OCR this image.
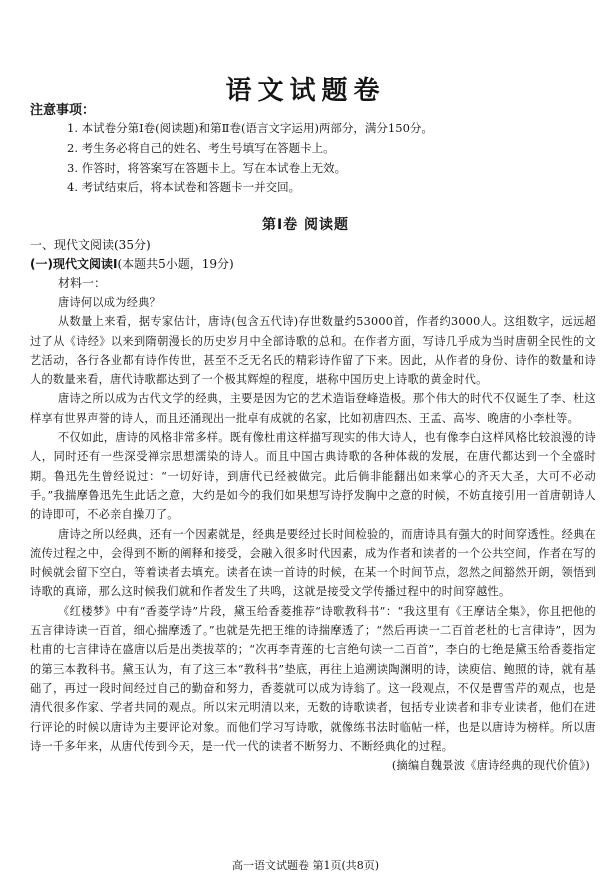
语文试题卷
注意事项：
1. 本试卷分第Ⅰ卷(阅读题)和第Ⅱ卷(语言文字运用)两部分，满分150分。
2. 考生务必将自己的姓名、考生号填写在答题卡上。
3. 作答时，将答案写在答题卡上。写在本试卷上无效。
4. 考试结束后，将本试卷和答题卡一并交回。
第Ⅰ卷 阅读题
一、现代文阅读(35分)
(一)现代文阅读Ⅰ(本题共5小题，19分)
材料一：

唐诗何以成为经典？

从数量上来看，据专家估计，唐诗(包含五代诗)存世数量约53000首，作者约3000人。这组数字，远远超过了从《诗经》以来到隋朝漫长的历史岁月中全部诗歌的总和。在作者方面，写诗几乎成为当时唐朝全民性的文艺活动，各行各业都有诗作传世，甚至不乏无名氏的精彩诗作留了下来。因此，从作者的身份、诗作的数量和诗人的数量来看，唐代诗歌都达到了一个极其辉煌的程度，堪称中国历史上诗歌的黄金时代。

唐诗之所以成为古代文学的经典，主要是因为它的艺术造诣登峰造极。那个伟大的时代不仅诞生了李、杜这样享有世界声誉的诗人，而且还涌现出一批卓有成就的名家，比如初唐四杰、王孟、高岑、晚唐的小李杜等。

不仅如此，唐诗的风格非常多样。既有像杜甫这样描写现实的伟大诗人，也有像李白这样风格比较浪漫的诗人，同时还有一些深受禅宗思想濡染的诗人。而且中国古典诗歌的各种体裁的发展，在唐代都达到一个全盛时期。鲁迅先生曾经说过：“一切好诗，到唐代已经被做完。此后倘非能翻出如来掌心的齐天大圣，大可不必动手。”我揣摩鲁迅先生此话之意，大约是如今的我们如果想写诗抒发胸中之意的时候，不妨直接引用一首唐朝诗人的诗即可，不必亲自操刀了。

唐诗之所以经典，还有一个因素就是，经典是要经过长时间检验的，而唐诗具有强大的时间穿透性。经典在流传过程之中，会得到不断的阐释和接受，会融入很多时代因素，成为作者和读者的一个公共空间，作者在写的时候就会留下空白，等着读者去填充。读者在读一首诗的时候，在某一个时间节点，忽然之间豁然开朗，领悟到诗歌的真谛，那么这时候我们就和作者发生了共鸣，这就是接受文学传播过程中的时间穿越性。

《红楼梦》中有“香菱学诗”片段，黛玉给香菱推荐“诗歌教科书”：“我这里有《王摩诘全集》，你且把他的五言律诗读一百首，细心揣摩透了。”也就是先把王维的诗揣摩透了；“然后再读一二百首老杜的七言律诗”，因为杜甫的七言律诗在盛唐以后是出类拔萃的；“次再李青莲的七言绝句读一二百首”，李白的七绝是黛玉给香菱指定的第三本教科书。黛玉认为，有了这三本“教科书”垫底，再往上追溯读陶渊明的诗，读庾信、鲍照的诗，就有基础了，再过一段时间经过自己的勤奋和努力，香菱就可以成为诗翁了。这一段观点，不仅是曹雪芹的观点，也是清代很多作家、学者共同的观点。所以宋元明清以来，无数的诗歌读者，包括专业读者和非专业读者，他们在进行评论的时候以唐诗为主要评论对象。而他们学习写诗歌，就像练书法时临帖一样，也是以唐诗为榜样。所以唐诗一千多年来，从唐代传到今天，是一代一代的读者不断努力、不断经典化的过程。

(摘编自魏景波《唐诗经典的现代价值》)

高一语文试题卷 第1页(共8页)
